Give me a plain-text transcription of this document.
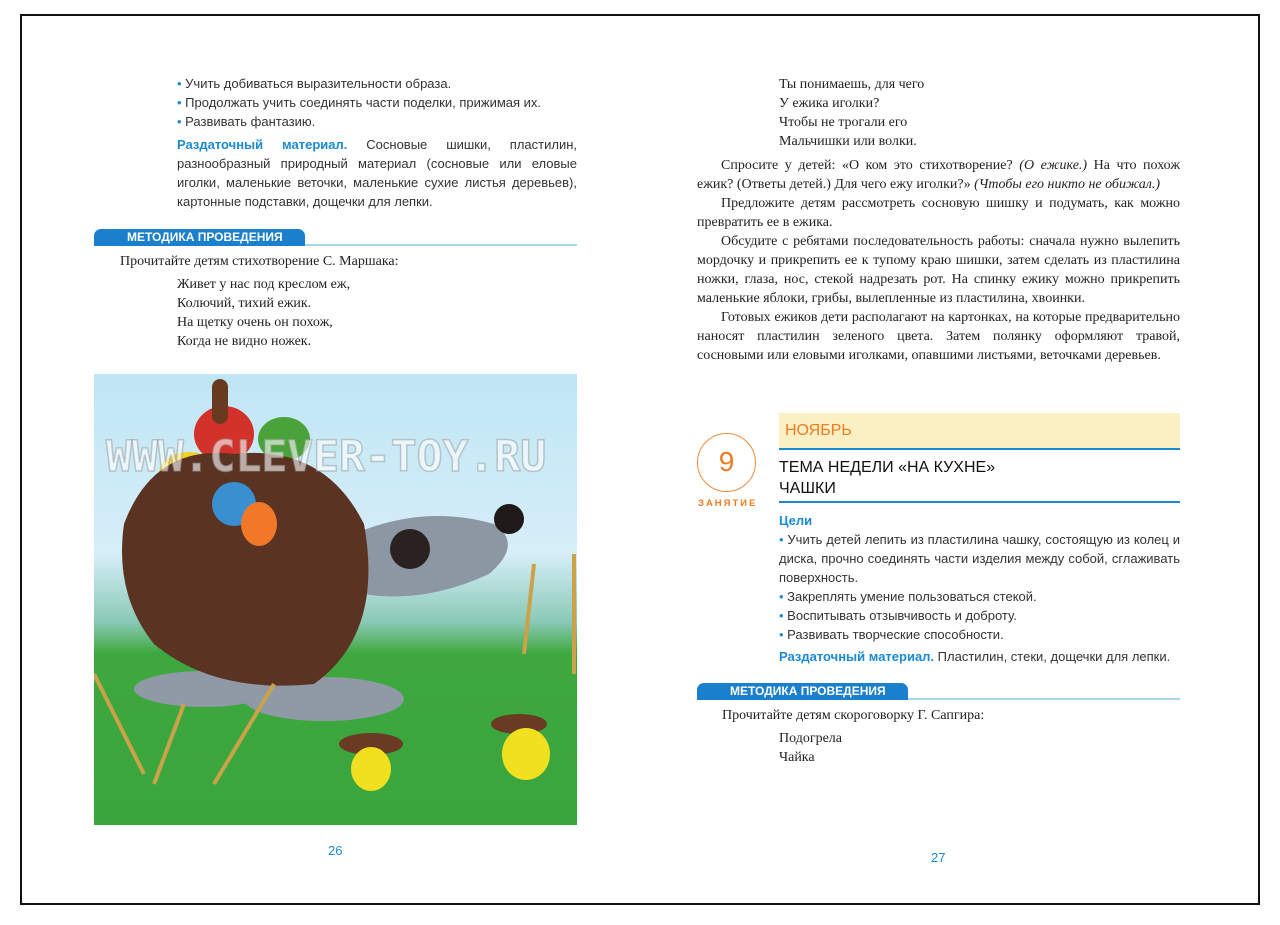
• Учить добиваться выразительности образа.
• Продолжать учить соединять части поделки, прижимая их.
• Развивать фантазию.
Раздаточный материал. Сосновые шишки, пластилин, разнообразный природный материал (сосновые или еловые иголки, маленькие веточки, маленькие сухие листья деревьев), картонные подставки, дощечки для лепки.
МЕТОДИКА ПРОВЕДЕНИЯ
Прочитайте детям стихотворение С. Маршака:
Живет у нас под креслом еж,
Колючий, тихий ежик.
На щетку очень он похож,
Когда не видно ножек.
WWW.CLEVER-TOY.RU
26
Ты понимаешь, для чего
У ежика иголки?
Чтобы не трогали его
Мальчишки или волки.
Спросите у детей: «О ком это стихотворение? (О ежике.) На что похож ежик? (Ответы детей.) Для чего ежу иголки?» (Чтобы его никто не обижал.)
Предложите детям рассмотреть сосновую шишку и подумать, как можно превратить ее в ежика.
Обсудите с ребятами последовательность работы: сначала нужно вылепить мордочку и прикрепить ее к тупому краю шишки, затем сделать из пластилина ножки, глаза, нос, стекой надрезать рот. На спинку ежику можно прикрепить маленькие яблоки, грибы, вылепленные из пластилина, хвоинки.
Готовых ежиков дети располагают на картонках, на которые предварительно наносят пластилин зеленого цвета. Затем полянку оформляют травой, сосновыми или еловыми иголками, опавшими листьями, веточками деревьев.
9
ЗАНЯТИЕ
НОЯБРЬ
ТЕМА НЕДЕЛИ «НА КУХНЕ»
ЧАШКИ
Цели
• Учить детей лепить из пластилина чашку, состоящую из колец и диска, прочно соединять части изделия между собой, сглаживать поверхность.
• Закреплять умение пользоваться стекой.
• Воспитывать отзывчивость и доброту.
• Развивать творческие способности.
Раздаточный материал. Пластилин, стеки, дощечки для лепки.
МЕТОДИКА ПРОВЕДЕНИЯ
Прочитайте детям скороговорку Г. Сапгира:
Подогрела
Чайка
27
